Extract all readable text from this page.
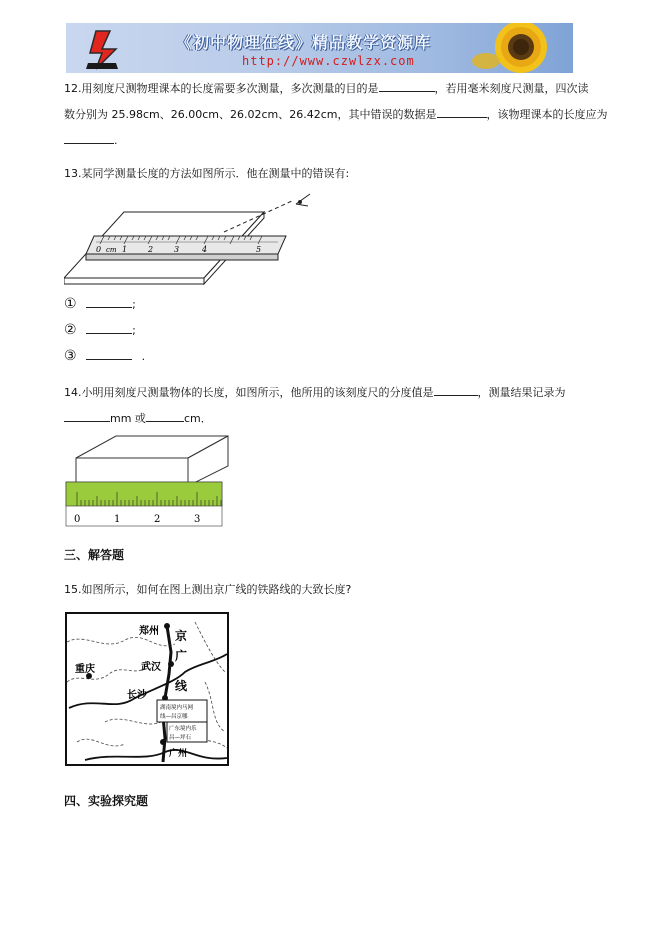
《初中物理在线》精品教学资源库
http://www.czwlzx.com
12.用刻度尺测物理课本的长度需要多次测量，多次测量的目的是	，若用毫米刻度尺测量，四次读
数分别为 25.98cm、26.00cm、26.02cm、26.42cm，其中错误的数据是	，该物理课本的长度应为
.
13.某同学测量长度的方法如图所示．他在测量中的错误有:
0 cm 1	2	3	4	5
①	;
②	;
③	.
14.小明用刻度尺测量物体的长度，如图所示，他所用的该刻度尺的分度值是	，测量结果记录为
mm 或	cm．
0	1	2	3
三、解答题
15.如图所示，如何在图上测出京广线的铁路线的大致长度?
郑州 京
广
线
武汉
重庆
长沙
湖南境内马网
线—昌京哪
广东境内乐
昌—坪石
广州
四、实验探究题
